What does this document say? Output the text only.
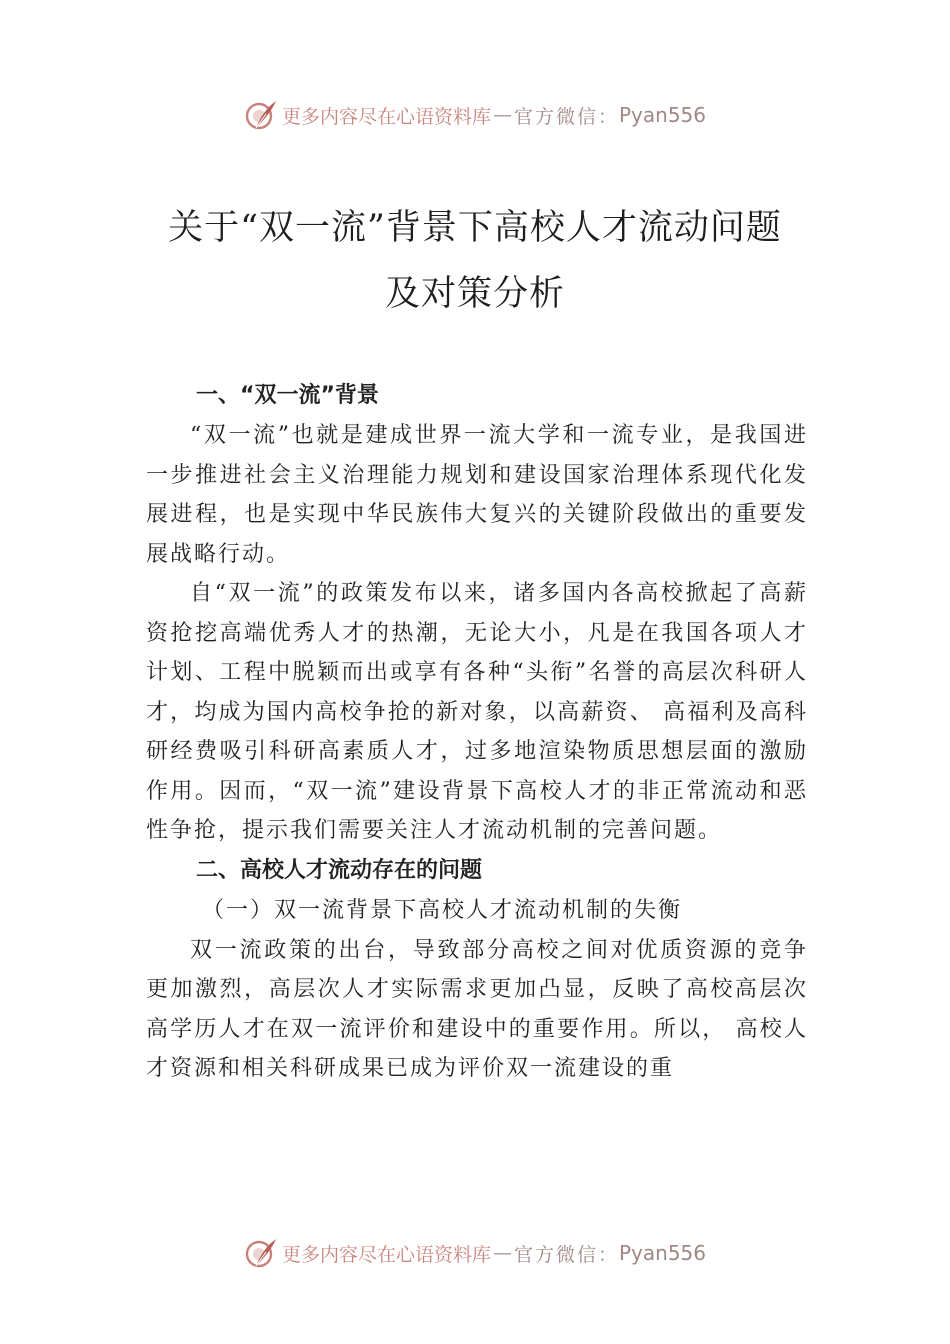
更多内容尽在心语资料库 — 官方微信： Pyan556
关于“双一流”背景下高校人才流动问题
及对策分析

一、“双一流”背景

“双一流”也就是建成世界一流大学和一流专业，是我国进一步推进社会主义治理能力规划和建设国家治理体系现代化发展进程，也是实现中华民族伟大复兴的关键阶段做出的重要发展战略行动。

自“双一流”的政策发布以来，诸多国内各高校掀起了高薪资抢挖高端优秀人才的热潮，无论大小，凡是在我国各项人才计划、工程中脱颖而出或享有各种“头衔”名誉的高层次科研人才，均成为国内高校争抢的新对象，以高薪资、 高福利及高科研经费吸引科研高素质人才，过多地渲染物质思想层面的激励作用。因而，“双一流”建设背景下高校人才的非正常流动和恶性争抢，提示我们需要关注人才流动机制的完善问题。

二、高校人才流动存在的问题

（一）双一流背景下高校人才流动机制的失衡

双一流政策的出台，导致部分高校之间对优质资源的竞争更加激烈，高层次人才实际需求更加凸显，反映了高校高层次高学历人才在双一流评价和建设中的重要作用。所以， 高校人才资源和相关科研成果已成为评价双一流建设的重

更多内容尽在心语资料库 — 官方微信： Pyan556
